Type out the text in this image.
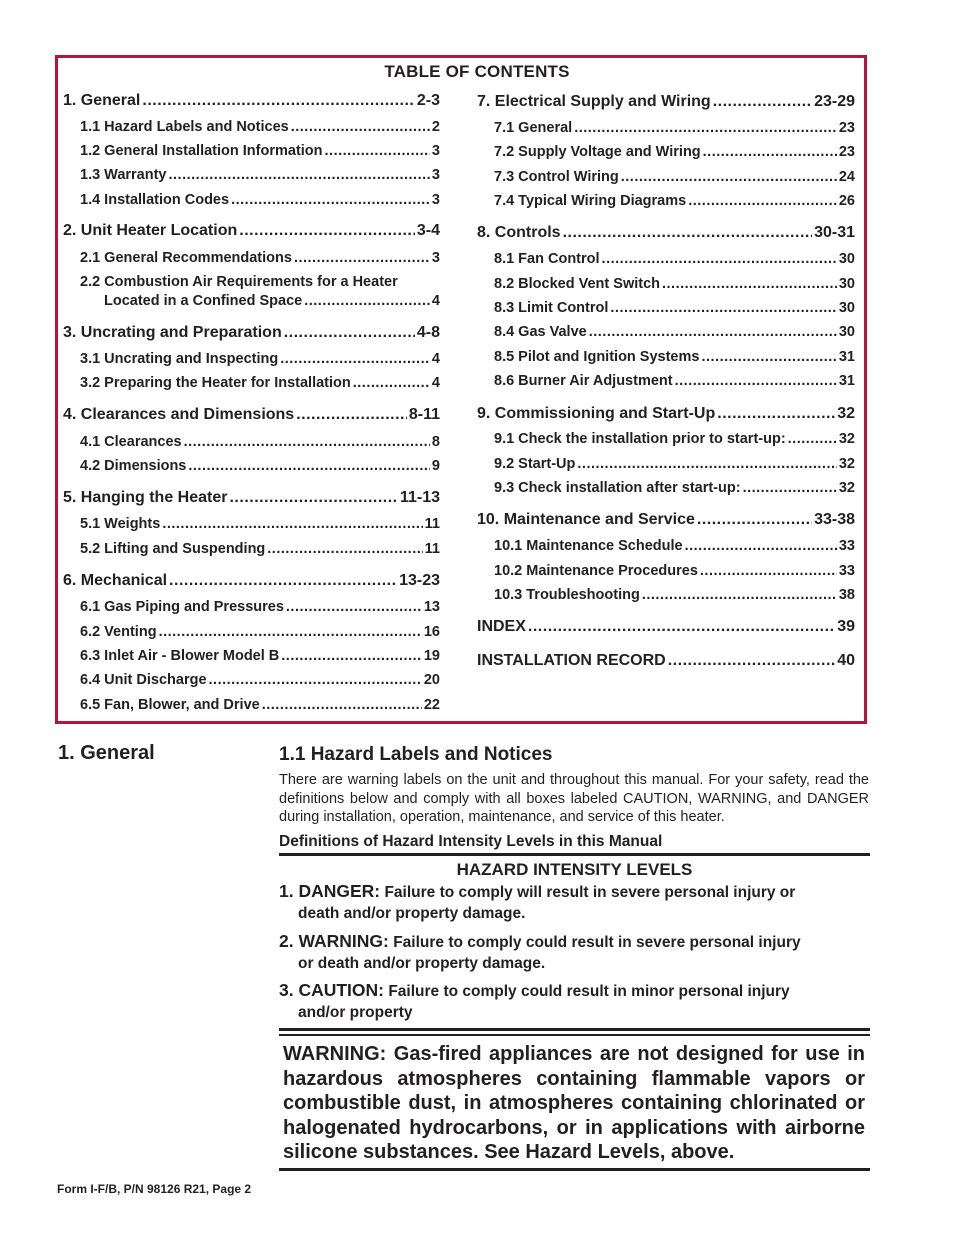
TABLE OF CONTENTS
1. General .....	2-3
1.1 Hazard Labels and Notices .....	2
1.2 General Installation Information .....	3
1.3 Warranty .....	3
1.4 Installation Codes .....	3
2. Unit Heater Location .....	3-4
2.1 General Recommendations .....	3
2.2 Combustion Air Requirements for a Heater
Located in a Confined Space .....	4
3. Uncrating and Preparation .....	4-8
3.1 Uncrating and Inspecting .....	4
3.2 Preparing the Heater for Installation .....	4
4. Clearances and Dimensions .....	8-11
4.1 Clearances .....	8
4.2 Dimensions .....	9
5. Hanging the Heater .....	11-13
5.1 Weights .....	11
5.2 Lifting and Suspending .....	11
6. Mechanical .....	13-23
6.1 Gas Piping and Pressures .....	13
6.2 Venting .....	16
6.3 Inlet Air - Blower Model B .....	19
6.4 Unit Discharge .....	20
6.5 Fan, Blower, and Drive .....	22
7. Electrical Supply and Wiring .....	23-29
7.1 General .....	23
7.2 Supply Voltage and Wiring .....	23
7.3 Control Wiring .....	24
7.4 Typical Wiring Diagrams .....	26
8. Controls .....	30-31
8.1 Fan Control .....	30
8.2 Blocked Vent Switch .....	30
8.3 Limit Control .....	30
8.4 Gas Valve .....	30
8.5 Pilot and Ignition Systems .....	31
8.6 Burner Air Adjustment .....	31
9. Commissioning and Start-Up .....	32
9.1 Check the installation prior to start-up: .....	32
9.2 Start-Up .....	32
9.3 Check installation after start-up: .....	32
10. Maintenance and Service .....	33-38
10.1 Maintenance Schedule .....	33
10.2 Maintenance Procedures .....	33
10.3 Troubleshooting .....	38
INDEX .....	39
INSTALLATION RECORD .....	40
1. General	1.1 Hazard Labels and Notices
There are warning labels on the unit and throughout this manual. For your safety, read the definitions below and comply with all boxes labeled CAUTION, WARNING, and DANGER during installation, operation, maintenance, and service of this heater.
Definitions of Hazard Intensity Levels in this Manual
HAZARD INTENSITY LEVELS
1. DANGER: Failure to comply will result in severe personal injury or
death and/or property damage.
2. WARNING: Failure to comply could result in severe personal injury
or death and/or property damage.
3. CAUTION: Failure to comply could result in minor personal injury
and/or property
WARNING: Gas-fired appliances are not designed for use in hazardous atmospheres containing flammable vapors or combustible dust, in atmospheres containing chlorinated or halogenated hydrocarbons, or in applications with airborne silicone substances. See Hazard Levels, above.
Form I-F/B, P/N 98126 R21, Page 2
